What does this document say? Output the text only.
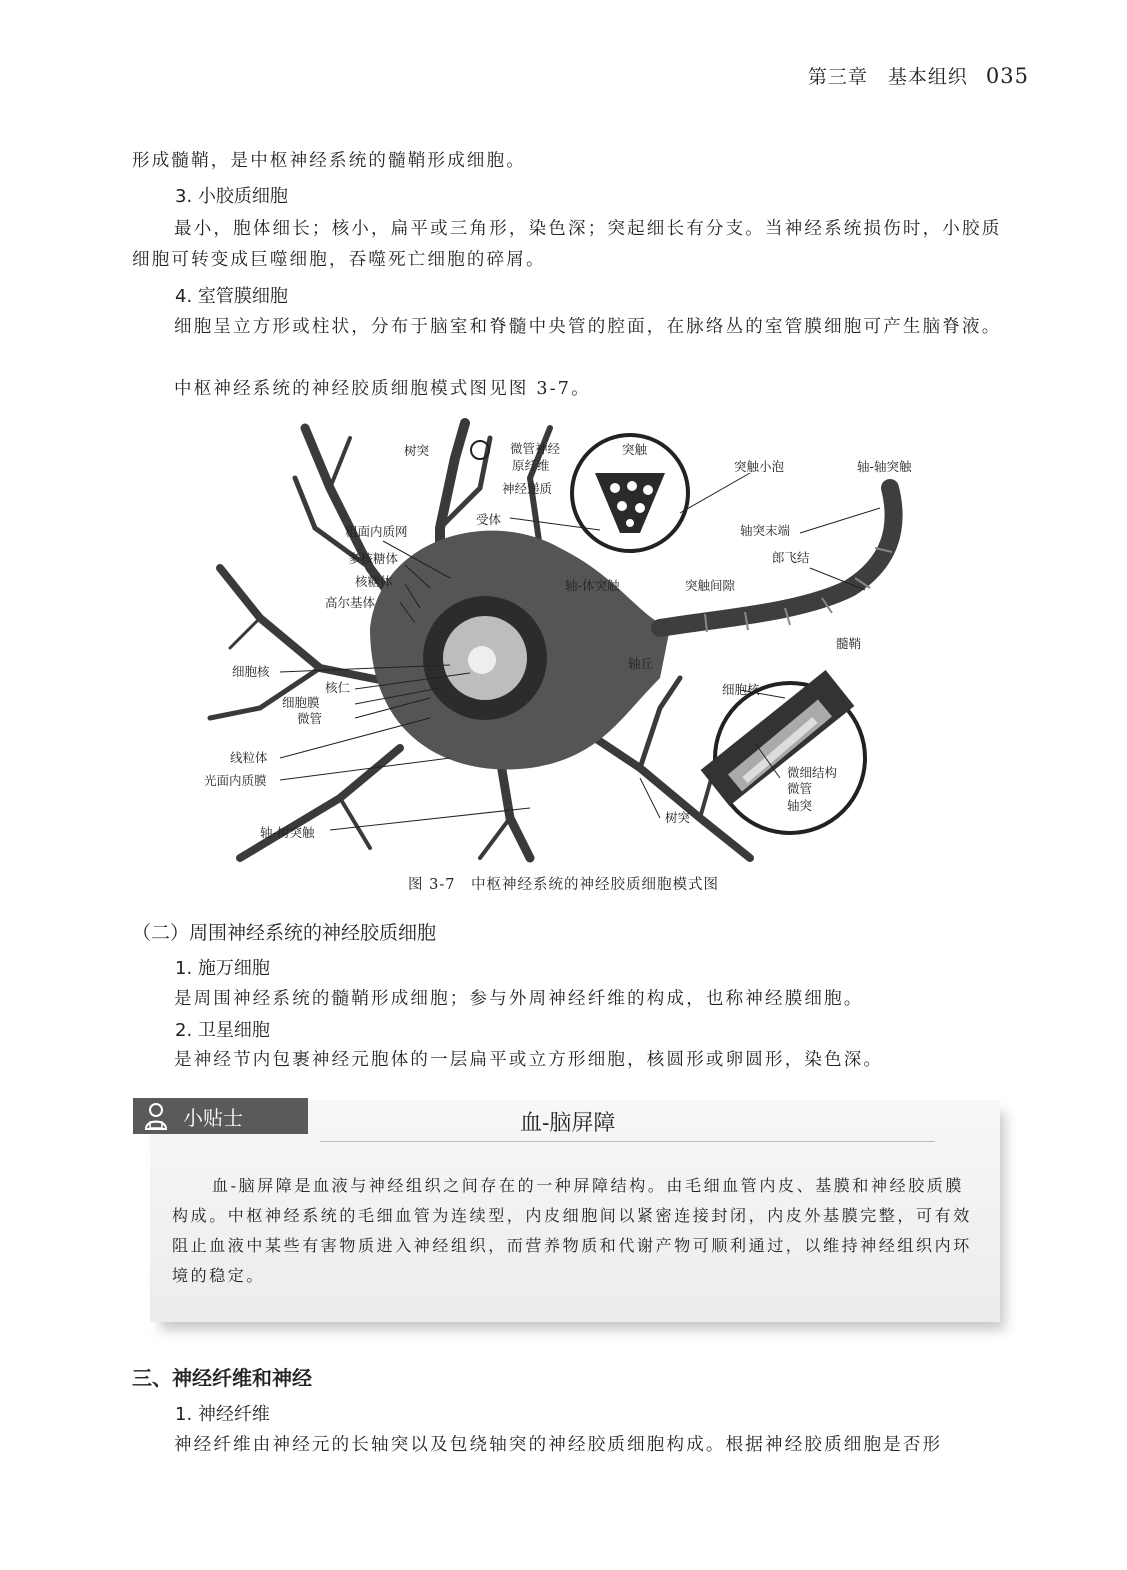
第三章　基本组织 035

形成髓鞘，是中枢神经系统的髓鞘形成细胞。

3. 小胶质细胞

最小，胞体细长；核小，扁平或三角形，染色深；突起细长有分支。当神经系统损伤时，小胶质细胞可转变成巨噬细胞，吞噬死亡细胞的碎屑。

4. 室管膜细胞

细胞呈立方形或柱状，分布于脑室和脊髓中央管的腔面，在脉络丛的室管膜细胞可产生脑脊液。

中枢神经系统的神经胶质细胞模式图见图 3-7。

树突	微管神经
原纤维
突触
突触小泡	轴-轴突触
神经递质
受体
轴突末端
粗面内质网
多核糖体	郎飞结
核糖体	轴-体突触	突触间隙
高尔基体
髓鞘
轴丘
细胞核
细胞核
核仁
细胞膜
微管
线粒体
光面内质膜
微细结构
微管
轴突
树突
轴-树突触
图 3-7　中枢神经系统的神经胶质细胞模式图
（二）周围神经系统的神经胶质细胞
1. 施万细胞

是周围神经系统的髓鞘形成细胞；参与外周神经纤维的构成，也称神经膜细胞。

2. 卫星细胞

是神经节内包裹神经元胞体的一层扁平或立方形细胞，核圆形或卵圆形，染色深。

小贴士	血-脑屏障

血-脑屏障是血液与神经组织之间存在的一种屏障结构。由毛细血管内皮、基膜和神经胶质膜构成。中枢神经系统的毛细血管为连续型，内皮细胞间以紧密连接封闭，内皮外基膜完整，可有效阻止血液中某些有害物质进入神经组织，而营养物质和代谢产物可顺利通过，以维持神经组织内环境的稳定。

三、神经纤维和神经
1. 神经纤维

神经纤维由神经元的长轴突以及包绕轴突的神经胶质细胞构成。根据神经胶质细胞是否形
